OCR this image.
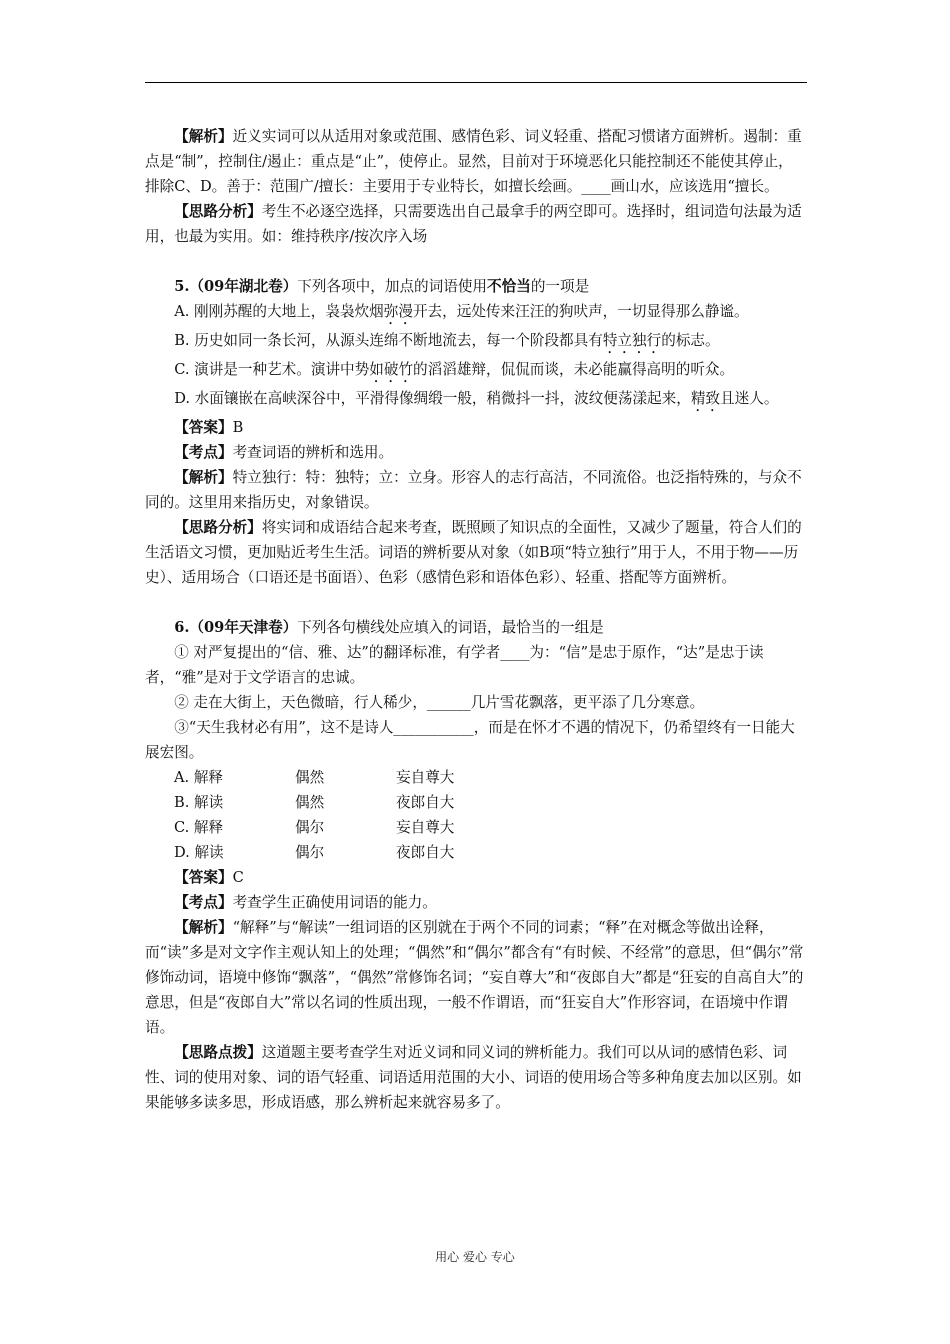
【解析】近义实词可以从适用对象或范围、感情色彩、词义轻重、搭配习惯诸方面辨析。遏制：重点是“制”，控制住/遏止：重点是“止”，使停止。显然，目前对于环境恶化只能控制还不能使其停止，排除C、D。善于：范围广/擅长：主要用于专业特长，如擅长绘画。____画山水，应该选用“擅长。

【思路分析】考生不必逐空选择，只需要选出自己最拿手的两空即可。选择时，组词造句法最为适用，也最为实用。如：维持秩序/按次序入场

5.（09年湖北卷）下列各项中，加点的词语使用不恰当的一项是

A. 刚刚苏醒的大地上，袅袅炊烟弥漫开去，远处传来汪汪的狗吠声，一切显得那么静谧。

B. 历史如同一条长河，从源头连绵不断地流去，每一个阶段都具有特立独行的标志。

C. 演讲是一种艺术。演讲中势如破竹的滔滔雄辩，侃侃而谈，未必能赢得高明的听众。

D. 水面镶嵌在高峡深谷中，平滑得像绸缎一般，稍微抖一抖，波纹便荡漾起来，精致且迷人。

【答案】B

【考点】考查词语的辨析和选用。

【解析】特立独行：特：独特；立：立身。形容人的志行高洁，不同流俗。也泛指特殊的，与众不同的。这里用来指历史，对象错误。

【思路分析】将实词和成语结合起来考查，既照顾了知识点的全面性，又减少了题量，符合人们的生活语文习惯，更加贴近考生生活。词语的辨析要从对象（如B项“特立独行”用于人，不用于物——历史）、适用场合（口语还是书面语）、色彩（感情色彩和语体色彩）、轻重、搭配等方面辨析。

6.（09年天津卷）下列各句横线处应填入的词语，最恰当的一组是

① 对严复提出的“信、雅、达”的翻译标准，有学者____为：“信”是忠于原作，“达”是忠于读者，“雅”是对于文学语言的忠诚。

② 走在大街上，天色微暗，行人稀少，______几片雪花飘落，更平添了几分寒意。

③“天生我材必有用”，这不是诗人___________，而是在怀才不遇的情况下，仍希望终有一日能大展宏图。

A. 解释	偶然	妄自尊大
B. 解读	偶然	夜郎自大
C. 解释	偶尔	妄自尊大
D. 解读	偶尔	夜郎自大

【答案】C

【考点】考查学生正确使用词语的能力。

【解析】“解释”与“解读”一组词语的区别就在于两个不同的词素；“释”在对概念等做出诠释，而“读”多是对文字作主观认知上的处理；“偶然”和“偶尔”都含有“有时候、不经常”的意思，但“偶尔”常修饰动词，语境中修饰“飘落”，“偶然”常修饰名词；“妄自尊大”和“夜郎自大”都是“狂妄的自高自大”的意思，但是“夜郎自大”常以名词的性质出现，一般不作谓语，而“狂妄自大”作形容词，在语境中作谓语。

【思路点拨】这道题主要考查学生对近义词和同义词的辨析能力。我们可以从词的感情色彩、词性、词的使用对象、词的语气轻重、词语适用范围的大小、词语的使用场合等多种角度去加以区别。如果能够多读多思，形成语感，那么辨析起来就容易多了。

用心 爱心 专心
